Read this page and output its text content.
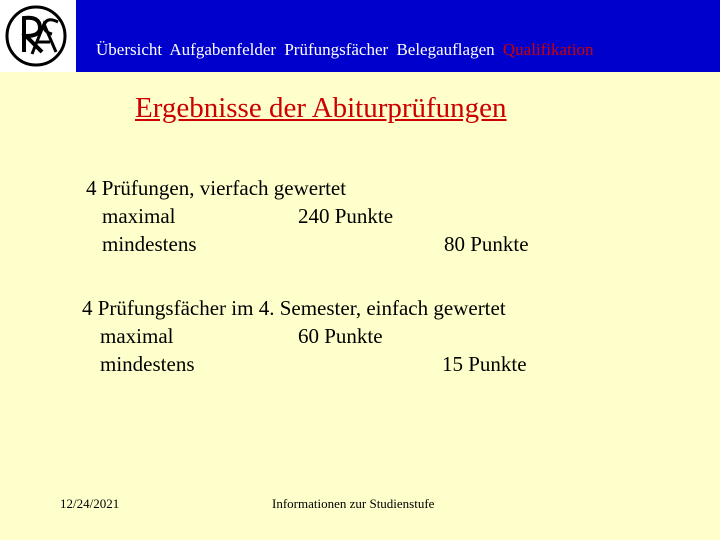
Übersicht Aufgabenfelder Prüfungsfächer Belegauflagen Qualifikation
Ergebnisse der Abiturprüfungen
4 Prüfungen, vierfach gewertet
maximal	240 Punkte
mindestens	80 Punkte
4 Prüfungsfächer im 4. Semester, einfach gewertet
maximal	60 Punkte
mindestens	15 Punkte
12/24/2021	Informationen zur Studienstufe
